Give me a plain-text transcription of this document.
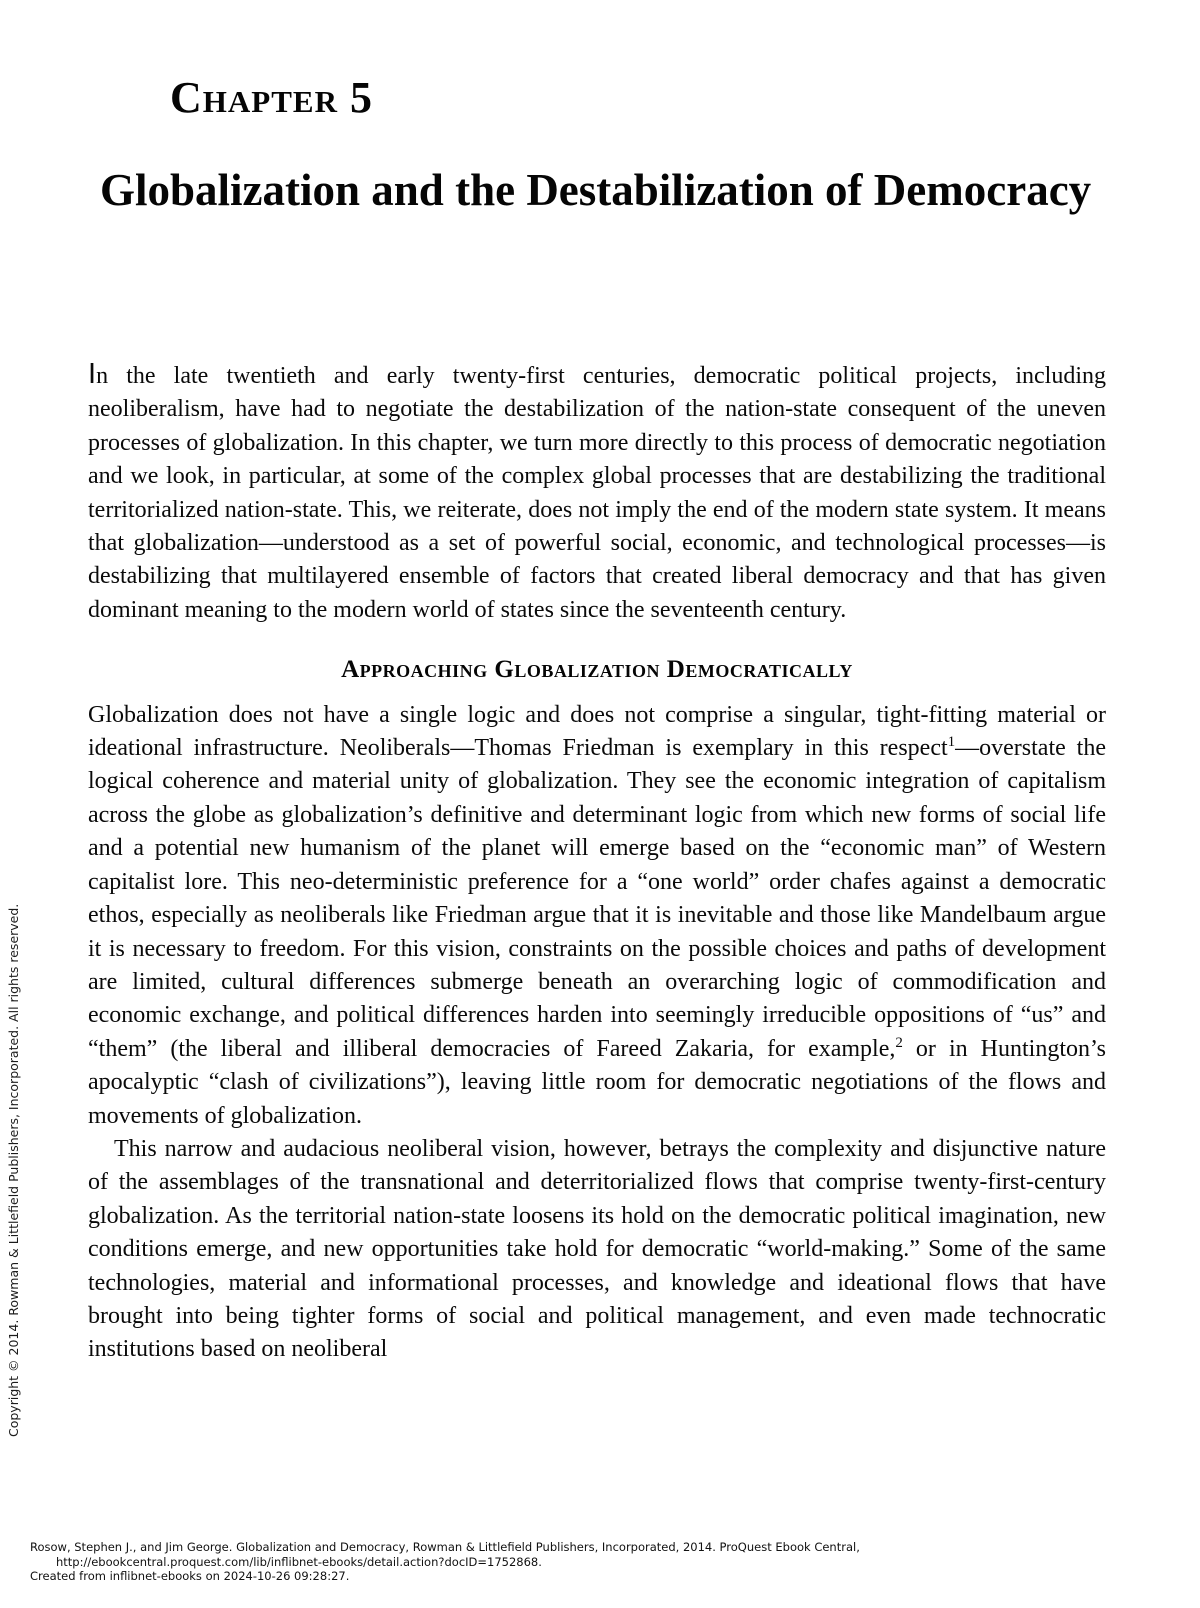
Chapter 5
Globalization and the Destabilization of Democracy

In the late twentieth and early twenty-first centuries, democratic political projects, including neoliberalism, have had to negotiate the destabilization of the nation-state consequent of the uneven processes of globalization. In this chapter, we turn more directly to this process of democratic negotiation and we look, in particular, at some of the complex global processes that are destabilizing the traditional territorialized nation-state. This, we reiterate, does not imply the end of the modern state system. It means that globalization—understood as a set of powerful social, economic, and technological processes—is destabilizing that multilayered ensemble of factors that created liberal democracy and that has given dominant meaning to the modern world of states since the seventeenth century.

Approaching Globalization Democratically

Globalization does not have a single logic and does not comprise a singular, tight-fitting material or ideational infrastructure. Neoliberals—Thomas Friedman is exemplary in this respect$^1$—overstate the logical coherence and material unity of globalization. They see the economic integration of capitalism across the globe as globalization’s definitive and determinant logic from which new forms of social life and a potential new humanism of the planet will emerge based on the “economic man” of Western capitalist lore. This neo-deterministic preference for a “one world” order chafes against a democratic ethos, especially as neoliberals like Friedman argue that it is inevitable and those like Mandelbaum argue it is necessary to freedom. For this vision, constraints on the possible choices and paths of development are limited, cultural differences submerge beneath an overarching logic of commodification and economic exchange, and political differences harden into seemingly irreducible oppositions of “us” and “them” (the liberal and illiberal democracies of Fareed Zakaria, for example,$^2$ or in Huntington’s apocalyptic “clash of civilizations”), leaving little room for democratic negotiations of the flows and movements of globalization.

This narrow and audacious neoliberal vision, however, betrays the complexity and disjunctive nature of the assemblages of the transnational and deterritorialized flows that comprise twenty-first-century globalization. As the territorial nation-state loosens its hold on the democratic political imagination, new conditions emerge, and new opportunities take hold for democratic “world-making.” Some of the same technologies, material and informational processes, and knowledge and ideational flows that have brought into being tighter forms of social and political management, and even made technocratic institutions based on neoliberal

Copyright © 2014. Rowman & Littlefield Publishers, Incorporated. All rights reserved.
Rosow, Stephen J., and Jim George. Globalization and Democracy, Rowman & Littlefield Publishers, Incorporated, 2014. ProQuest Ebook Central,
http://ebookcentral.proquest.com/lib/inflibnet-ebooks/detail.action?docID=1752868.
Created from inflibnet-ebooks on 2024-10-26 09:28:27.
